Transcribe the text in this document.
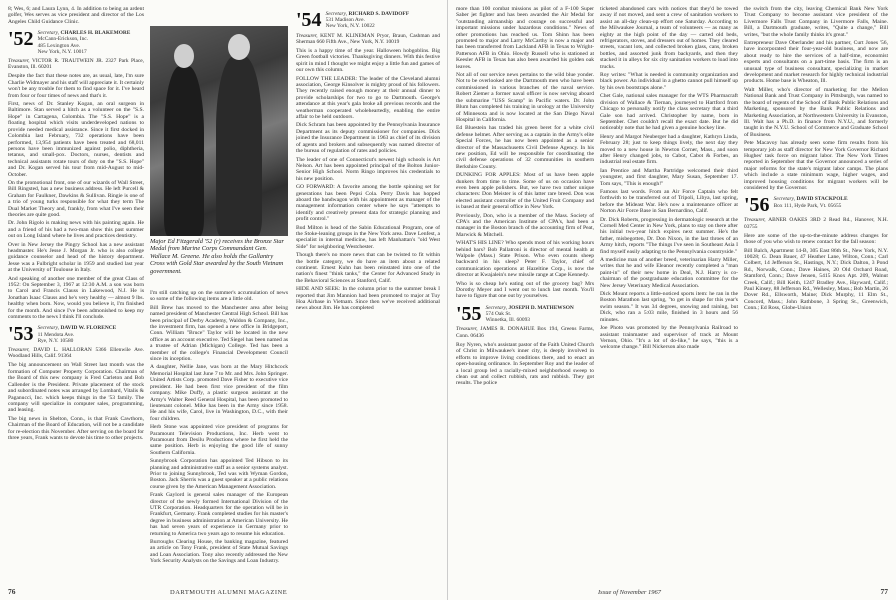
8; Wes, 6; and Laura Lynn, 4. In addition to being an ardent golfer, Wes serves as vice president and director of the Los Angeles Child Guidance Clinic.

'52 Secretary, CHARLES H. BLAKEMORE
McCann-Erickson, Inc.
485 Lexington Ave.
New York, N.Y. 10017
Treasurer, VICTOR R. TRAUTWEIN JR. 2327 Park Place, Evanston, Ill. 60201

Despite the fact that these notes are, as usual, late, I'm sure Charlie Widmayer and his staff will appreciate it. It certainly won't be any trouble for them to find space for it. I've heard from four or four times of news and that's it.

First, news of Dr. Stanley Kogan, an oral surgeon in Baltimore. Stan served a hitch as a volunteer on the "S.S. Hope" in Cartagena, Colombia. The "S.S. Hope" is a floating hospital which visits underdeveloped nations to provide needed medical assistance. Since it first docked in Colombia last February, 732 operations have been performed, 13,954 patients have been treated and 68,011 persons have been immunized against polio, diphtheria, tetanus, and small-pox. Doctors, nurses, dentists and technical assistants rotate tours of duty on the "S.S. Hope" and Dr. Kogan served his tour from mid-August to mid-October.

On the promotional front, one of our wizards of Wall Street, Bill Ringsted, has a new business address. He left Purcell & Graham for Faulkner, Dawkins & Sullivan. Ringie is one of a trio of young turks responsible for what they term The Dual Market Theory and, frankly, from what I've seen their theories are quite good.

Dr. John Rigolo is making news with his painting again. He and a friend of his had a two-man show this past summer out on Long Island where he lives and practices dentistry.

Over in New Jersey the Pingry School has a new assistant headmaster. He's Jesse J. Morgan Jr. who is also college guidance counselor and head of the history department. Jesse was a Fulbright scholar in 1959 and studied last year at the University of Toulouse in Italy.

And speaking of another one member of the great Class of 1952: On September 3, 1967 at 12:30 A.M. a son was born to Carol and Francis Clauss in Lakewood, N.J. He is Jonathan Isaac Clauss and he's very healthy — almost 9 lbs. healthy when born. Now, would you believe it, I'm finished for the month. And since I've been admonished to keep my comments to the news I think I'll conclude.

'53 Secretary, DAVID W. FLORENCE
11 Mendota Ave.
Rye, N.Y. 10580
Treasurer, DAVID L. HALLORAN 5366 Ellenwile Ave. Woodland Hills, Calif. 91364

The big announcement on Wall Street last month was the formation of Computer Property Corporation. Chairman of the Board of this new company is Fred Carleton and Bob Callender is the President. Private placement of the stock and subordinated notes was arranged by Lombard, Vitalis & Paganucci, Inc. which keeps things in the '53 family. The company will specialize in computer sales, programming, and leasing.

The big news in Shelton, Conn., is that Frank Cawthorn, Chairman of the Board of Education, will not be a candidate for re-election this November. After serving on the board for three years, Frank wants to devote his time to other projects.

Major Ed Fitzgerald '52 (r) receives the Bronze Star Medal from Marine Corps Commandant Gen. Wallace M. Greene. He also holds the Gallantry Cross with Gold Star awarded by the South Vietnam government.

I'm still catching up on the summer's accumulation of news so some of the following items are a little old.

Bill Brew has moved to the Manchester area after being named president of Manchester Central High School. Bill has been principal of Derby Academy, Waldon & Company, Inc., the investment firm, has opened a new office in Bridgeport, Conn. William "Bruce" Taylor will be located in the new office as an account executive. Ted Siegel has been named as a trustee of Adrian (Michigan) College. Ted has been a member of the college's Financial Development Council since its inception.

A daughter, Nellie Jane, was born at the Mary Hitchcock Memorial Hospital last June 7 to Mr. and Mrs. John Springer. United Artists Corp. promoted Dave Fisher to executive vice president. He had been first vice president of the film company. Mike Duffy, a plastic surgeon assistant at the Army's Walter Reed General Hospital, has been promoted to lieutenant colonel. Mike has been in the Army since 1958. He and his wife, Carol, live in Washington, D.C., with their four children.

Herb Stone was appointed vice president of programs for Paramount Television Productions, Inc. Herb went to Paramount from Desilu Productions where he first held the same position. Herb is enjoying the good life of sunny Southern California.

Sunnybrook Corporation has appointed Ted Hibson to its planning and administrative staff as a senior systems analyst. Prior to joining Sunnybrook, Ted was with Wyman Gordon, Boston. Jack Sherris was a guest speaker at a public relations course given by the American Management Association.

Frank Gaylord is general sales manager of the European director of the newly formed International Division of the UTR Corporation. Headquarters for the operation will be in Frankfurt, Germany. Frank completed studies for his master's degree in business administration at American University. He has had seven years of experience in Germany prior to returning to America two years ago to resume his education.

Burroughs Clearing House, the banking magazine, featured an article on Tony Frank, president of State Mutual Savings and Loan Association. Tony also recently addressed the New York Security Analysts on the Savings and Loan Industry.

'54 Secretary, RICHARD S. DAVIDOFF
531 Madison Ave.
New York, N.Y. 10022
Treasurer, KENT M. KLINEMAN Pryor, Braun, Cashman and Sherman 660 Fifth Ave., New York, N.Y. 10019

This is a happy time of the year. Halloween hobgoblins. Big Green football victories. Thanksgiving dinners. With this festive spirit in mind I thought we might enjoy a little fun and games of our own this column.

FOLLOW THE LEADER: The leader of the Cleveland alumni association, George Kinsolver is mighty proud of his followers. They recently raised enough money at their annual dinner to provide scholarships for two to go to Dartmouth. George's attendance at this year's gala broke all previous records and the weatherman cooperated wholeheartedly, enabling the entire affair to be held outdoors.

Dick Schram has been appointed by the Pennsylvania Insurance Department as its deputy commissioner for companies. Dick joined the Insurance Department in 1963 as chief of its division of agents and brokers and subsequently was named director of the bureau of regulation of rates and policies.

The leader of one of Connecticut's newest high schools is Art Nelson. Art has been appointed principal of the Bolton Junior-Senior High School. Norm Ringo improves his credentials to his new position.

GO FORWARD: A favorite among the bottle spinning set for generations has been Pepsi Cola. Perry Davis has hopped aboard the bandwagon with his appointment as manager of the management information center where he says "attempts to identify and creatively present data for strategic planning and profit control."

Bud Milton is head of the Sabin Educational Program, one of the Stoke-leaning groups in the New York area. Dave Lenfest, a specialist in internal medicine, has left Manhattan's "old West Side" for neighboring Westchester.

Though there's no more news that can be twisted to fit within the bottle category, we do have an item about a related continent. Ernest Kuhn has been reinstated into one of the nation's finest "think tanks," the Center for Advanced Study in the Behavioral Sciences at Stanford, Calif.

HIDE AND SEEK: In the column prior to the summer break I reported that Jim Mannion had been promoted to major at Tuy Hoa Airbase in Vietnam. Since then we've received additional news about Jim. He has completed

76	DARTMOUTH ALUMNI MAGAZINE

more than 100 combat missions as pilot of a F-100 Super Saber jet fighter and has been awarded the Air Medal for "outstanding airmanship and courage on successful and important missions under hazardous conditions." News of other promotions has reached us. Tom Shinn has been promoted to major and Larry McCarthy is now a major and has been transferred from Lackland AFB in Texas to Wright-Patterson AFB in Ohio. Howdy Russell who is stationed at Keesler AFB in Texas has also been awarded his golden oak leaves.

Not all of our service news pertains to the wild blue yonder. Not to be overlooked are the Dartmouth men who have been commissioned in various branches of the naval service. Robert Ziemer a former naval officer is now serving aboard the submarine "USS Scamp" in Pacific waters. Dr. John Blum has completed his training in urology at the University of Minnesota and is now located at the San Diego Naval Hospital in California.

Ed Bluestein has traded his green beret for a white civil defense helmet. After serving as a captain in the Army's elite Special Forces, he has now been appointed as a senior director of the Massachusetts Civil Defense Agency. In his new position, Ed will be responsible for coordinating the civil defense operations of 32 communities in southern Berkshire County.

DUNKING FOR APPLES: Most of us have been apple dunkers from time to time. Some of us on occasion have even been apple polishers. But, we have two rather unique characters: Don Meister is of this latter rare breed. Don was elected assistant controller of the United Fruit Company and is based at their general office in New York.

Previously, Don, who is a member of the Mass. Society of CPA's and the American Institute of CPA's, had been a manager in the Boston branch of the accounting firm of Peat, Marwick & Mitchell.

WHAT'S HIS LINE? Who spends most of his working hours behind bars? Bob Pallatroni is director of mental health at Walpole (Mass.) State Prison. Who even counts sheep backward in his sleep? Peter F. Taylor, chief of communication operations at Hazeltine Corp., is now the director at Kwajalein's new missile range at Cape Kennedy.

Who is so cheap he's eating out of the grocery bag? Mrs Dorothy Meyer and I went out to lunch last month. You'll have to figure that one out by yourselves.

'55 Secretary, JOSEPH D. MATHEWSON
574 Oak St.
Winnetka, Ill. 60093
Treasurer, JAMES R. DONAHUE Box 194, Greens Farms, Conn. 06436

Roy Nyren, who's assistant pastor of the Faith United Church of Christ in Milwaukee's inner city, is deeply involved in efforts to improve living conditions there, and to enact an open-housing ordinance. In September Roy and the leader of a local group led a racially-mixed neighborhood sweep to clean out and collect rubbish, rats and rubbish. They got results. The police

ticketed abandoned cars with notices that they'd be towed away if not moved, and sent a crew of sanitation workers to assist an all-day clean-up effort one Saturday. According to the Milwaukee Journal, a team of volunteers — as many as eighty at the high point of the day — carted old beds, refrigerators, stoves, and dressers out of homes. They cleared streets, vacant lots, and collected broken glass, cans, broken bottles, and assorted junk from backyards, and then they stacked it in alleys for six city sanitation workers to load into trucks.

Roy writes: "What is needed is community organization and black power. An individual in a ghetto cannot pull himself up by his own bootstraps alone."

Chet Gale, national sales manager for the WTS Pharmacraft division of Wallace & Tiernan, journeyed to Hartford from Chicago to personally notify the class secretary that a third Gale son had arrived. Christopher by name, born in September. Chet couldn't recall the exact date. But he did noticeably note that he had given a genuine hockey line.

Henry and Margot Neuberger had a daughter, Kathryn Linda, February 28; just to keep things lively, the next day they moved to a new house in Newton Corner, Mass., and soon after Henry changed jobs, to Cabot, Cabot & Forbes, an industrial real estate firm.

Ian Prentice and Martha Partridge welcomed their third youngster, and first daughter, Mary Susan, September 17. Tom says, "This is enough!"

Famous last words. From an Air Force Captain who felt forthwith to be transferred out of Tripoli, Libya, last spring, before the Mideast War. He's now a maintenance officer at Norton Air Force Base in San Bernardino, Calif.

Dr. Dick Roberts, progressing in dermatologic research at the Cornell Med Center in New York, plans to stay on there after his initial two-year hitch expires next summer. He's the father, misbegotten, Dr. Don Nixon, in the last throes of an Army hitch, reports "The things I've seen in Southeast Asia I find myself easily adapting to the Pennsylvania countryside."

A medicine man of another breed, veterinarian Harry Miller, writes that he and wife Eleanor recently completed a "man paint-in" of their new home in Deal, N.J. Harry is co-chairman of the postgraduate education committee for the New Jersey Veterinary Medical Association.

Dick Mount reports a little-noticed sports item: he ran in the Boston Marathon last spring, "to get in shape for this year's swim season." It was 34 degrees, snowing and raining, but Dick, who ran a 5:03 mile, finished in 3 hours and 56 minutes.

Joe Photo was promoted by the Pennsylvania Railroad to assistant trainmaster and supervisor of track at Mount Vernon, Ohio. "It's a lot of do-like," he says, "this is a welcome change." Bill Nickerson also made

the switch from the city, leaving Chemical Bank New York Trust Company to become assistant vice president of the Livermore Falls Trust Company in Livermore Falls, Maine. Bill, a Dartmouth graduate, writes, "Quite a change," Bill writes, "but the whole family thinks it's great."

Entrepreneur Dave Oberlander and his partner, Curt Jones '56, have incorporated their four-year-old business, and now are about ready to hire the services of a half-time, economist experts and consultants on a part-time basis. The firm is an unusual type of business consultant, specializing in market development and market research for highly technical industrial products. Home base is Wheaton, Ill.

Walt Miller, who's director of marketing for the Mellon National Bank and Trust Company in Pittsburgh, was named to the board of regents of the School of Bank Public Relations and Marketing, sponsored by the Bank Public Relations and Marketing Association, at Northwestern University in Evanston, Ill. Walt has a Ph.D. in finance from N.Y.U., and formerly taught in the N.Y.U. School of Commerce and Graduate School of Business.

Pete Macavoy has already seen some firm results from his temporary job as staff director for New York Governor Richard Hughes' task force on migrant labor. The New York Times reported in September that the Governor announced a series of major reforms for the state's migrant labor camps. The plans which include a state minimum wage, higher wages, and improved housing conditions for migrant workers will be considered by the Governor.

'56 Secretary, DAVID STACKPOLE
Box 111, Hyde Park, Vt. 05655
Treasurer, ABNER OAKES 3RD 2 Read Rd., Hanover, N.H. 03755

Here are some of the up-to-the-minute address changes for those of you who wish to renew contact for the fall season:

Bill Balch, Apartment 14-B, 305 East 86th St., New York, N.Y. 10028; G. Dean Bauer, 47 Heather Lane, Wilton, Conn.; Carl Colbert, 14 Jefferson St., Hastings, N.Y.; Dick Dalton, 3 Pond Rd., Norwalk, Conn.; Dave Haines, 20 Old Orchard Road, Stamford, Conn.; Dave Jensen, 5415 Knox Apt. 209, Walnut Creek, Calif.; Bill Keith, 1247 Bradley Ave., Hayward, Calif.; Paul Kinsey, 88 Jefferson Rd., Wellesley, Mass.; Bob Martin, 26 Dover Rd., Ellsworth, Maine; Dick Murphy, 11 Elm St., Concord, Mass.; John Rathbone, 3 Spring St., Greenwich, Conn.; Ed Ross, Globe-Union

Issue of November 1967	77
